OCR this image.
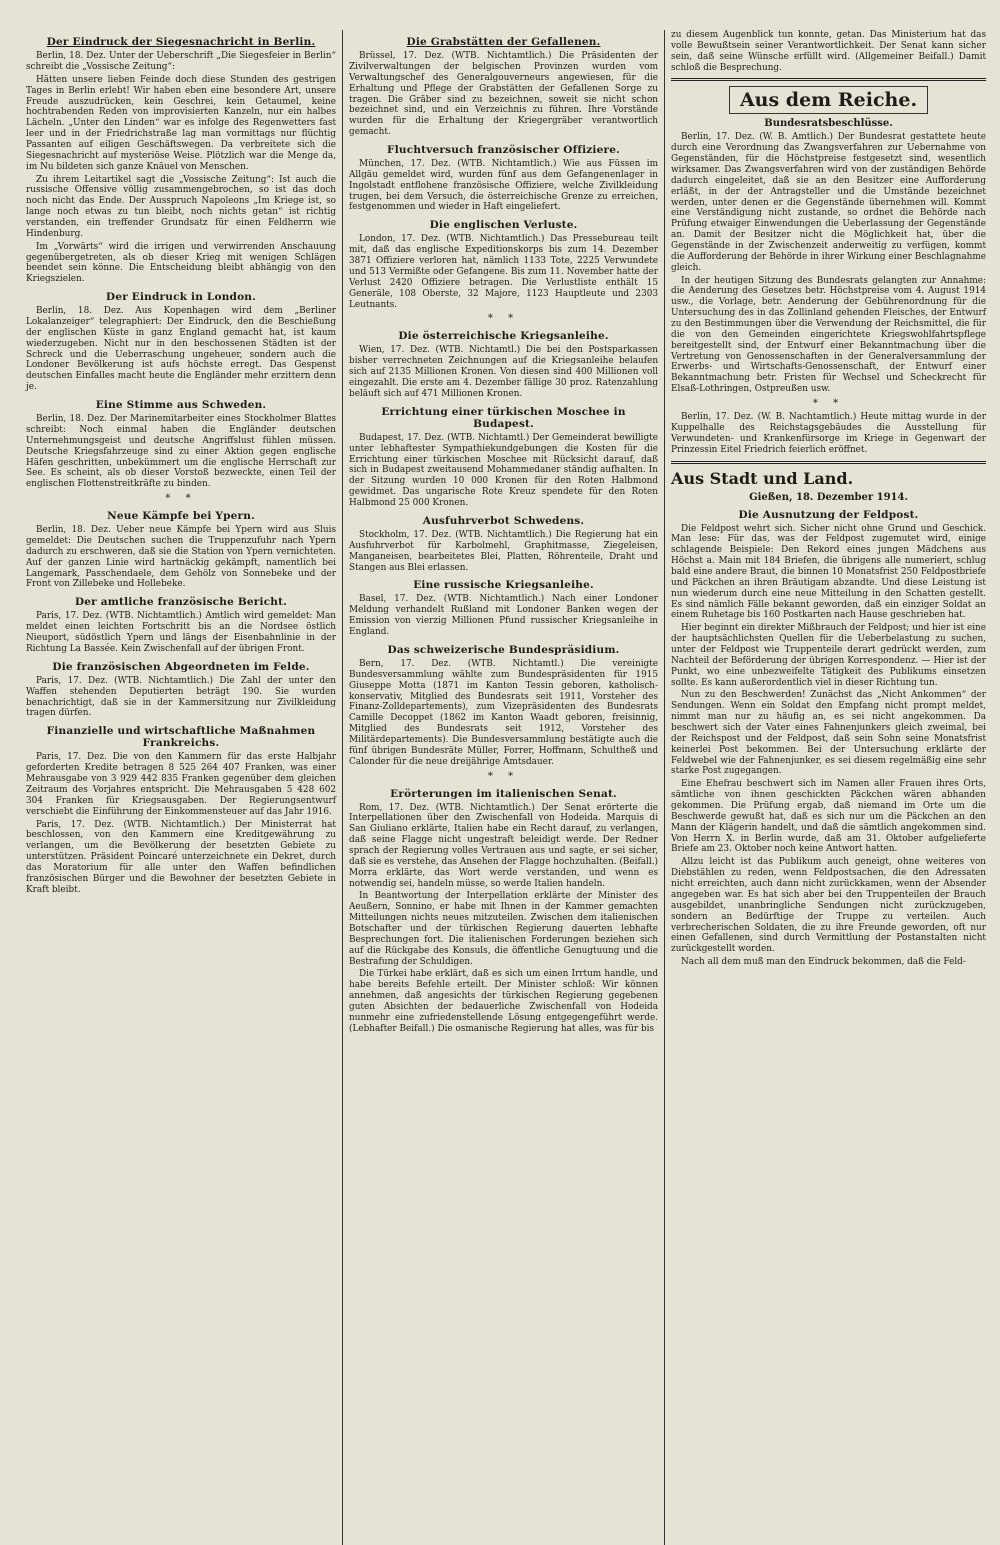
Der Eindruck der Siegesnachricht in Berlin.

Berlin, 18. Dez. Unter der Ueberschrift „Die Siegesfeier in Berlin“ schreibt die „Vossische Zeitung“:

Hätten unsere lieben Feinde doch diese Stunden des gestrigen Tages in Berlin erlebt! Wir haben eben eine besondere Art, unsere Freude auszudrücken, kein Geschrei, kein Getaumel, keine hochtrabenden Reden von improvisierten Kanzeln, nur ein halbes Lächeln. „Unter den Linden“ war es infolge des Regenwetters fast leer und in der Friedrichstraße lag man vormittags nur flüchtig Passanten auf eiligen Geschäftswegen. Da verbreitete sich die Siegesnachricht auf mysteriöse Weise. Plötzlich war die Menge da, im Nu bildeten sich ganze Knäuel von Menschen.

Zu ihrem Leitartikel sagt die „Vossische Zeitung“: Ist auch die russische Offensive völlig zusammengebrochen, so ist das doch noch nicht das Ende. Der Ausspruch Napoleons „Im Kriege ist, so lange noch etwas zu tun bleibt, noch nichts getan“ ist richtig verstanden, ein treffender Grundsatz für einen Feldherrn wie Hindenburg.

Im „Vorwärts“ wird die irrigen und verwirrenden Anschauung gegenübergetreten, als ob dieser Krieg mit wenigen Schlägen beendet sein könne. Die Entscheidung bleibt abhängig von den Kriegszielen.

Der Eindruck in London.

Berlin, 18. Dez. Aus Kopenhagen wird dem „Berliner Lokalanzeiger“ telegraphiert: Der Eindruck, den die Beschießung der englischen Küste in ganz England gemacht hat, ist kaum wiederzugeben. Nicht nur in den beschossenen Städten ist der Schreck und die Ueberraschung ungeheuer, sondern auch die Londoner Bevölkerung ist aufs höchste erregt. Das Gespenst deutschen Einfalles macht heute die Engländer mehr erzittern denn je.

Eine Stimme aus Schweden.

Berlin, 18. Dez. Der Marinemitarbeiter eines Stockholmer Blattes schreibt: Noch einmal haben die Engländer deutschen Unternehmungsgeist und deutsche Angriffslust fühlen müssen. Deutsche Kriegsfahrzeuge sind zu einer Aktion gegen englische Häfen geschritten, unbekümmert um die englische Herrschaft zur See. Es scheint, als ob dieser Vorstoß bezweckte, einen Teil der englischen Flottenstreitkräfte zu binden.

* *
Neue Kämpfe bei Ypern.

Berlin, 18. Dez. Ueber neue Kämpfe bei Ypern wird aus Sluis gemeldet: Die Deutschen suchen die Truppenzufuhr nach Ypern dadurch zu erschweren, daß sie die Station von Ypern vernichteten. Auf der ganzen Linie wird hartnäckig gekämpft, namentlich bei Langemark, Passchendaele, dem Gehölz von Sonnebeke und der Front von Zillebeke und Hollebeke.

Der amtliche französische Bericht.

Paris, 17. Dez. (WTB. Nichtamtlich.) Amtlich wird gemeldet: Man meldet einen leichten Fortschritt bis an die Nordsee östlich Nieuport, südöstlich Ypern und längs der Eisenbahnlinie in der Richtung La Bassée. Kein Zwischenfall auf der übrigen Front.

Die französischen Abgeordneten im Felde.

Paris, 17. Dez. (WTB. Nichtamtlich.) Die Zahl der unter den Waffen stehenden Deputierten beträgt 190. Sie wurden benachrichtigt, daß sie in der Kammersitzung nur Zivilkleidung tragen dürfen.

Finanzielle und wirtschaftliche Maßnahmen Frankreichs.

Paris, 17. Dez. Die von den Kammern für das erste Halbjahr geforderten Kredite betragen 8 525 264 407 Franken, was einer Mehrausgabe von 3 929 442 835 Franken gegenüber dem gleichen Zeitraum des Vorjahres entspricht. Die Mehrausgaben 5 428 602 304 Franken für Kriegsausgaben. Der Regierungsentwurf verschiebt die Einführung der Einkommensteuer auf das Jahr 1916.

Paris, 17. Dez. (WTB. Nichtamtlich.) Der Ministerrat hat beschlossen, von den Kammern eine Kreditgewährung zu verlangen, um die Bevölkerung der besetzten Gebiete zu unterstützen. Präsident Poincaré unterzeichnete ein Dekret, durch das Moratorium für alle unter den Waffen befindlichen französischen Bürger und die Bewohner der besetzten Gebiete in Kraft bleibt.

Die Grabstätten der Gefallenen.

Brüssel, 17. Dez. (WTB. Nichtamtlich.) Die Präsidenten der Zivilverwaltungen der belgischen Provinzen wurden vom Verwaltungschef des Generalgouverneurs angewiesen, für die Erhaltung und Pflege der Grabstätten der Gefallenen Sorge zu tragen. Die Gräber sind zu bezeichnen, soweit sie nicht schon bezeichnet sind, und ein Verzeichnis zu führen. Ihre Vorstände wurden für die Erhaltung der Kriegergräber verantwortlich gemacht.

Fluchtversuch französischer Offiziere.

München, 17. Dez. (WTB. Nichtamtlich.) Wie aus Füssen im Allgäu gemeldet wird, wurden fünf aus dem Gefangenenlager in Ingolstadt entflohene französische Offiziere, welche Zivilkleidung trugen, bei dem Versuch, die österreichische Grenze zu erreichen, festgenommen und wieder in Haft eingeliefert.

Die englischen Verluste.

London, 17. Dez. (WTB. Nichtamtlich.) Das Pressebureau teilt mit, daß das englische Expeditionskorps bis zum 14. Dezember 3871 Offiziere verloren hat, nämlich 1133 Tote, 2225 Verwundete und 513 Vermißte oder Gefangene. Bis zum 11. November hatte der Verlust 2420 Offiziere betragen. Die Verlustliste enthält 15 Generäle, 108 Oberste, 32 Majore, 1123 Hauptleute und 2303 Leutnants.

* *
Die österreichische Kriegsanleihe.

Wien, 17. Dez. (WTB. Nichtamtl.) Die bei den Postsparkassen bisher verrechneten Zeichnungen auf die Kriegsanleihe belaufen sich auf 2135 Millionen Kronen. Von diesen sind 400 Millionen voll eingezahlt. Die erste am 4. Dezember fällige 30 proz. Ratenzahlung beläuft sich auf 471 Millionen Kronen.

Errichtung einer türkischen Moschee in Budapest.

Budapest, 17. Dez. (WTB. Nichtamtl.) Der Gemeinderat bewilligte unter lebhaftester Sympathiekundgebungen die Kosten für die Errichtung einer türkischen Moschee mit Rücksicht darauf, daß sich in Budapest zweitausend Mohammedaner ständig aufhalten. In der Sitzung wurden 10 000 Kronen für den Roten Halbmond gewidmet. Das ungarische Rote Kreuz spendete für den Roten Halbmond 25 000 Kronen.

Ausfuhrverbot Schwedens.

Stockholm, 17. Dez. (WTB. Nichtamtlich.) Die Regierung hat ein Ausfuhrverbot für Karbolmehl, Graphitmasse, Ziegeleisen, Manganeisen, bearbeitetes Blei, Platten, Röhrenteile, Draht und Stangen aus Blei erlassen.

Eine russische Kriegsanleihe.

Basel, 17. Dez. (WTB. Nichtamtlich.) Nach einer Londoner Meldung verhandelt Rußland mit Londoner Banken wegen der Emission von vierzig Millionen Pfund russischer Kriegsanleihe in England.

Das schweizerische Bundespräsidium.

Bern, 17. Dez. (WTB. Nichtamtl.) Die vereinigte Bundesversammlung wählte zum Bundespräsidenten für 1915 Giuseppe Motta (1871 im Kanton Tessin geboren, katholisch-konservativ, Mitglied des Bundesrats seit 1911, Vorsteher des Finanz-Zolldepartements), zum Vizepräsidenten des Bundesrats Camille Decoppet (1862 im Kanton Waadt geboren, freisinnig, Mitglied des Bundesrats seit 1912, Vorsteher des Militärdepartements). Die Bundesversammlung bestätigte auch die fünf übrigen Bundesräte Müller, Forrer, Hoffmann, Schultheß und Calonder für die neue dreijährige Amtsdauer.

* *
Erörterungen im italienischen Senat.

Rom, 17. Dez. (WTB. Nichtamtlich.) Der Senat erörterte die Interpellationen über den Zwischenfall von Hodeida. Marquis di San Giuliano erklärte, Italien habe ein Recht darauf, zu verlangen, daß seine Flagge nicht ungestraft beleidigt werde. Der Redner sprach der Regierung volles Vertrauen aus und sagte, er sei sicher, daß sie es verstehe, das Ansehen der Flagge hochzuhalten. (Beifall.) Morra erklärte, das Wort werde verstanden, und wenn es notwendig sei, handeln müsse, so werde Italien handeln.

In Beantwortung der Interpellation erklärte der Minister des Aeußern, Sonnino, er habe mit Ihnen in der Kammer gemachten Mitteilungen nichts neues mitzuteilen. Zwischen dem italienischen Botschafter und der türkischen Regierung dauerten lebhafte Besprechungen fort. Die italienischen Forderungen beziehen sich auf die Rückgabe des Konsuls, die öffentliche Genugtuung und die Bestrafung der Schuldigen.

Die Türkei habe erklärt, daß es sich um einen Irrtum handle, und habe bereits Befehle erteilt. Der Minister schloß: Wir können annehmen, daß angesichts der türkischen Regierung gegebenen guten Absichten der bedauerliche Zwischenfall von Hodeida nunmehr eine zufriedenstellende Lösung entgegengeführt werde. (Lebhafter Beifall.) Die osmanische Regierung hat alles, was für bis

zu diesem Augenblick tun konnte, getan. Das Ministerium hat das volle Bewußtsein seiner Verantwortlichkeit. Der Senat kann sicher sein, daß seine Wünsche erfüllt wird. (Allgemeiner Beifall.) Damit schloß die Besprechung.

Aus dem Reiche.
Bundesratsbeschlüsse.

Berlin, 17. Dez. (W. B. Amtlich.) Der Bundesrat gestattete heute durch eine Verordnung das Zwangsverfahren zur Uebernahme von Gegenständen, für die Höchstpreise festgesetzt sind, wesentlich wirksamer. Das Zwangsverfahren wird von der zuständigen Behörde dadurch eingeleitet, daß sie an den Besitzer eine Aufforderung erläßt, in der der Antragsteller und die Umstände bezeichnet werden, unter denen er die Gegenstände übernehmen will. Kommt eine Verständigung nicht zustande, so ordnet die Behörde nach Prüfung etwaiger Einwendungen die Ueberlassung der Gegenstände an. Damit der Besitzer nicht die Möglichkeit hat, über die Gegenstände in der Zwischenzeit anderweitig zu verfügen, kommt die Aufforderung der Behörde in ihrer Wirkung einer Beschlagnahme gleich.

In der heutigen Sitzung des Bundesrats gelangten zur Annahme: die Aenderung des Gesetzes betr. Höchstpreise vom 4. August 1914 usw., die Vorlage, betr. Aenderung der Gebührenordnung für die Untersuchung des in das Zollinland gehenden Fleisches, der Entwurf zu den Bestimmungen über die Verwendung der Reichsmittel, die für die von den Gemeinden eingerichtete Kriegswohlfahrtspflege bereitgestellt sind, der Entwurf einer Bekanntmachung über die Vertretung von Genossenschaften in der Generalversammlung der Erwerbs- und Wirtschafts-Genossenschaft, der Entwurf einer Bekanntmachung betr. Fristen für Wechsel und Scheckrecht für Elsaß-Lothringen, Ostpreußen usw.

* *

Berlin, 17. Dez. (W. B. Nachtamtlich.) Heute mittag wurde in der Kuppelhalle des Reichstagsgebäudes die Ausstellung für Verwundeten- und Krankenfürsorge im Kriege in Gegenwart der Prinzessin Eitel Friedrich feierlich eröffnet.

Aus Stadt und Land.
Gießen, 18. Dezember 1914.
Die Ausnutzung der Feldpost.

Die Feldpost wehrt sich. Sicher nicht ohne Grund und Geschick. Man lese: Für das, was der Feldpost zugemutet wird, einige schlagende Beispiele: Den Rekord eines jungen Mädchens aus Höchst a. Main mit 184 Briefen, die übrigens alle numeriert, schlug bald eine andere Braut, die binnen 10 Monatsfrist 250 Feldpostbriefe und Päckchen an ihren Bräutigam abzandte. Und diese Leistung ist nun wiederum durch eine neue Mitteilung in den Schatten gestellt. Es sind nämlich Fälle bekannt geworden, daß ein einziger Soldat an einem Ruhetage bis 160 Postkarten nach Hause geschrieben hat.

Hier beginnt ein direkter Mißbrauch der Feldpost; und hier ist eine der hauptsächlichsten Quellen für die Ueberbelastung zu suchen, unter der Feldpost wie Truppenteile derart gedrückt werden, zum Nachteil der Beförderung der übrigen Korrespondenz. — Hier ist der Punkt, wo eine unbezweifelte Tätigkeit des Publikums einsetzen sollte. Es kann außerordentlich viel in dieser Richtung tun.

Nun zu den Beschwerden! Zunächst das „Nicht Ankommen“ der Sendungen. Wenn ein Soldat den Empfang nicht prompt meldet, nimmt man nur zu häufig an, es sei nicht angekommen. Da beschwert sich der Vater eines Fahnenjunkers gleich zweimal, bei der Reichspost und der Feldpost, daß sein Sohn seine Monatsfrist keinerlei Post bekommen. Bei der Untersuchung erklärte der Feldwebel wie der Fahnenjunker, es sei diesem regelmäßig eine sehr starke Post zugegangen.

Eine Ehefrau beschwert sich im Namen aller Frauen ihres Orts, sämtliche von ihnen geschickten Päckchen wären abhanden gekommen. Die Prüfung ergab, daß niemand im Orte um die Beschwerde gewußt hat, daß es sich nur um die Päckchen an den Mann der Klägerin handelt, und daß die sämtlich angekommen sind. Von Herrn X. in Berlin wurde, daß am 31. Oktober aufgelieferte Briefe am 23. Oktober noch keine Antwort hatten.

Allzu leicht ist das Publikum auch geneigt, ohne weiteres von Diebstählen zu reden, wenn Feldpostsachen, die den Adressaten nicht erreichten, auch dann nicht zurückkamen, wenn der Absender angegeben war. Es hat sich aber bei den Truppenteilen der Brauch ausgebildet, unanbringliche Sendungen nicht zurückzugeben, sondern an Bedürftige der Truppe zu verteilen. Auch verbrecherischen Soldaten, die zu ihre Freunde geworden, oft nur einen Gefallenen, sind durch Vermittlung der Postanstalten nicht zurückgestellt worden.

Nach all dem muß man den Eindruck bekommen, daß die Feld-
